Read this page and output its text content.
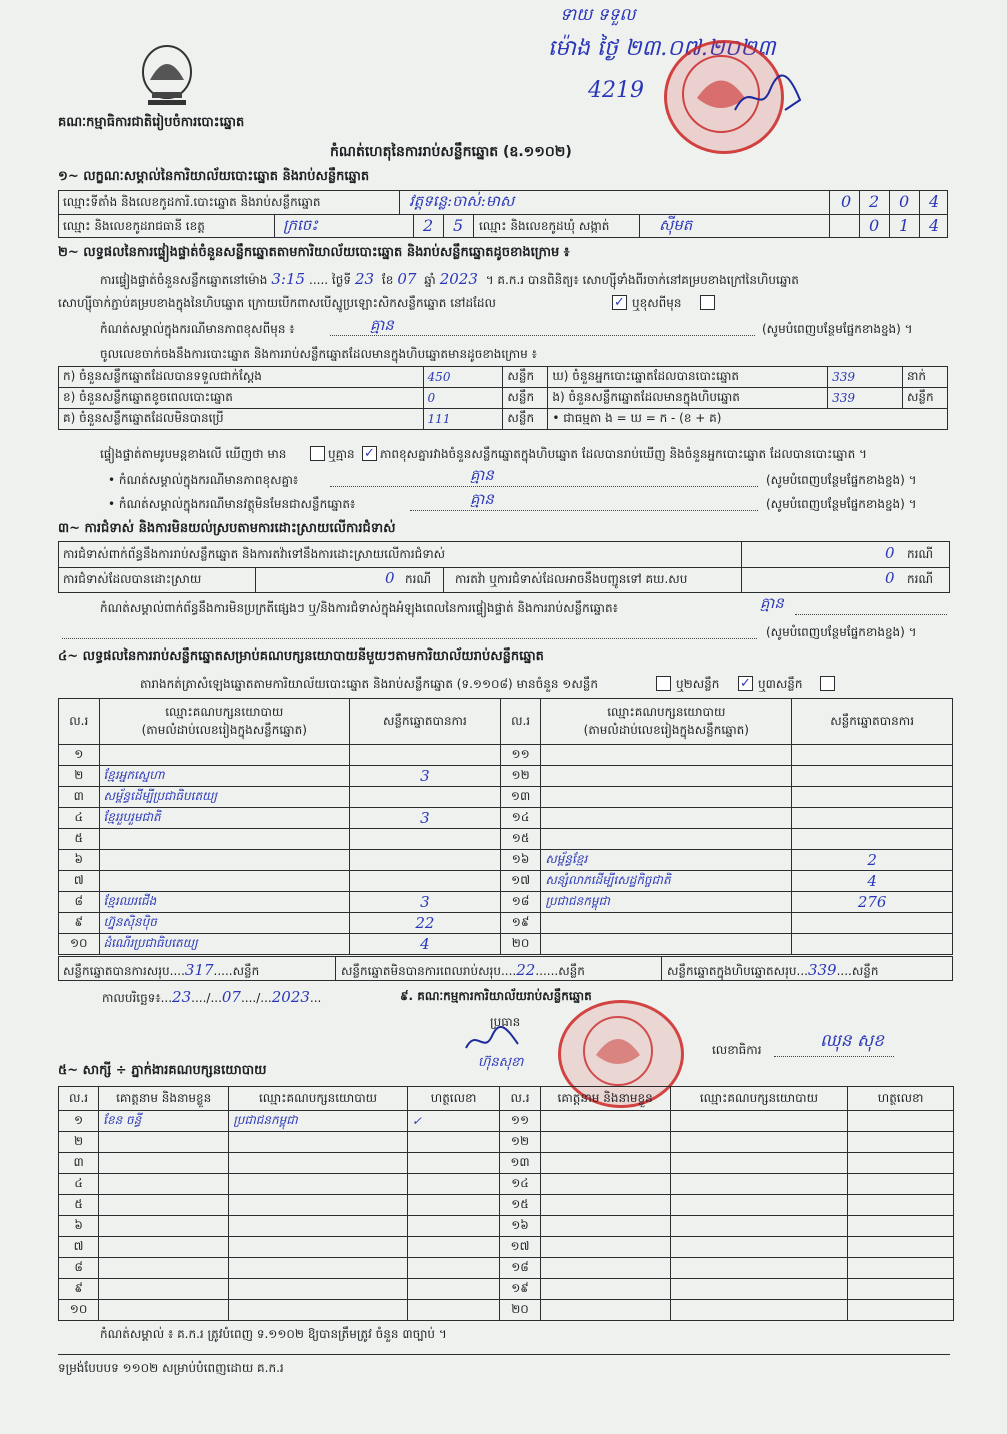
គណៈកម្មាធិការជាតិរៀបចំការបោះឆ្នោត
ទាយ ទទួល
ម៉ោង ថ្ងៃ ២៣.០៧.២០២៣
4219
កំណត់ហេតុនៃការរាប់សន្លឹកឆ្នោត (ឧ.១១០២)
១~ លក្ខណៈសម្គាល់នៃការិយាល័យបោះឆ្នោត និងរាប់សន្លឹកឆ្នោត
ឈ្មោះទីតាំង និងលេខកូដការិ.បោះឆ្នោត និងរាប់សន្លឹកឆ្នោត	វត្តទន្លេ:ចាស់:មាស	0 2 0 4
ឈ្មោះ និងលេខកូដរាជធានី ខេត្ត	ក្រចេះ	2 5 ឈ្មោះ និងលេខកូដឃុំ សង្កាត់	ស៊ីមត	0 1 4
២~ លទ្ធផលនៃការផ្ទៀងផ្ទាត់ចំនួនសន្លឹកឆ្នោតតាមការិយាល័យបោះឆ្នោត និងរាប់សន្លឹកឆ្នោតដូចខាងក្រោម ៖
ការផ្ទៀងផ្ទាត់ចំនួនសន្លឹកឆ្នោតនៅម៉ោង 3:15 ..... ថ្ងៃទី 23 ខែ 07 ឆ្នាំ 2023 ។ គ.ក.រ បានពិនិត្យ៖ សោហ្ស៊ីទាំងពីរចាក់នៅគម្របខាងក្រៅនៃហិបឆ្នោត
សោហ្ស៊ីចាក់ភ្ជាប់គម្របខាងក្នុងនៃហិបឆ្នោត ក្រោយបើកពាសបើស្នូប្រឡោះសិកសន្លឹកឆ្នោត នៅដដែល	✓ ឬខុសពីមុន
កំណត់សម្គាល់ក្នុងករណីមានភាពខុសពីមុន ៖	គ្មាន	(សូមបំពេញបន្ថែមផ្នែកខាងខ្នង) ។
ចូលលេខចាក់ចងនឹងការបោះឆ្នោត និងការរាប់សន្លឹកឆ្នោតដែលមានក្នុងហិបឆ្នោតមានដូចខាងក្រោម ៖
ក) ចំនួនសន្លឹកឆ្នោតដែលបានទទួលជាក់ស្តែង	450	សន្លឹក	ឃ) ចំនួនអ្នកបោះឆ្នោតដែលបានបោះឆ្នោត	339	នាក់
ខ) ចំនួនសន្លឹកឆ្នោតខូចពេលបោះឆ្នោត	0	សន្លឹក	ង) ចំនួនសន្លឹកឆ្នោតដែលមានក្នុងហិបឆ្នោត	339	សន្លឹក
គ) ចំនួនសន្លឹកឆ្នោតដែលមិនបានប្រើ	111	សន្លឹក	• ជាធម្មតា ង = ឃ = ក - (ខ + គ)		
ផ្ទៀងផ្ទាត់តាមរូបមន្តខាងលើ ឃើញថា មាន	ឬគ្មាន ✓ ភាពខុសគ្នារវាងចំនួនសន្លឹកឆ្នោតក្នុងហិបឆ្នោត ដែលបានរាប់ឃើញ និងចំនួនអ្នកបោះឆ្នោត ដែលបានបោះឆ្នោត ។
• កំណត់សម្គាល់ក្នុងករណីមានភាពខុសគ្នា៖	គ្មាន	(សូមបំពេញបន្ថែមផ្នែកខាងខ្នង) ។
• កំណត់សម្គាល់ក្នុងករណីមានវត្ថុមិនមែនជាសន្លឹកឆ្នោត៖	គ្មាន	(សូមបំពេញបន្ថែមផ្នែកខាងខ្នង) ។
៣~ ការជំទាស់ និងការមិនយល់ស្របតាមការដោះស្រាយលើការជំទាស់
ការជំទាស់ពាក់ព័ន្ធនឹងការរាប់សន្លឹកឆ្នោត និងការតវ៉ាទៅនឹងការដោះស្រាយលើការជំទាស់	0 ករណី
ការជំទាស់ដែលបានដោះស្រាយ	0 ករណី ការតវ៉ា ឬការជំទាស់ដែលអាចនឹងបញ្ជូនទៅ គឃ.សប	0 ករណី
កំណត់សម្គាល់ពាក់ព័ន្ធនឹងការមិនប្រក្រតីផ្សេងៗ ឬ/និងការជំទាស់ក្នុងអំឡុងពេលនៃការផ្ទៀងផ្ទាត់ និងការរាប់សន្លឹកឆ្នោត៖	គ្មាន
(សូមបំពេញបន្ថែមផ្នែកខាងខ្នង) ។
៤~ លទ្ធផលនៃការរាប់សន្លឹកឆ្នោតសម្រាប់គណបក្សនយោបាយនីមួយៗតាមការិយាល័យរាប់សន្លឹកឆ្នោត
តារាងកត់ត្រាសំឡេងឆ្នោតតាមការិយាល័យបោះឆ្នោត និងរាប់សន្លឹកឆ្នោត (ទ.១១០៨) មានចំនួន ១សន្លឹក	ឬ២សន្លឹក ✓ ឬ៣សន្លឹក
ល.រ	ឈ្មោះគណបក្សនយោបាយ
(តាមលំដាប់លេខរៀងក្នុងសន្លឹកឆ្នោត)	សន្លឹកឆ្នោតបានការ	ល.រ	ឈ្មោះគណបក្សនយោបាយ
(តាមលំដាប់លេខរៀងក្នុងសន្លឹកឆ្នោត)	សន្លឹកឆ្នោតបានការ
១			១១		
២	ខ្មែរអ្នកស្នេហា	3	១២		
៣	សម្ព័ន្ធដើម្បីប្រជាធិបតេយ្យ		១៣		
៤	ខ្មែររួបរួមជាតិ	3	១៤		
៥			១៥		
៦			១៦	សម្ព័ន្ធខ្មែរ	2
៧			១៧	សន្សំលាភដើម្បីសេដ្ឋកិច្ចជាតិ	4
៨	ខ្មែរឈរជើង	3	១៨	ប្រជាជនកម្ពុជា	276
៩	ហ្វ៊ុនស៊ិនប៉ិច	22	១៩		
១០	ដំណើរប្រជាធិបតេយ្យ	4	២០		
សន្លឹកឆ្នោតបានការសរុប....317.....សន្លឹក	សន្លឹកឆ្នោតមិនបានការពេលរាប់សរុប....22......សន្លឹក	សន្លឹកឆ្នោតក្នុងហិបឆ្នោតសរុប...339....សន្លឹក
កាលបរិច្ឆេទ៖...23..../...07..../...2023...	៩. គណៈកម្មការការិយាល័យរាប់សន្លឹកឆ្នោត
ប្រធាន
ហ៊ុនសុខា
លេខាធិការ	ឈុន សុខ
៥~ សាក្សី ÷ ភ្នាក់ងារគណបក្សនយោបាយ
ល.រ	គោត្តនាម និងនាមខ្លួន	ឈ្មោះគណបក្សនយោបាយ	ហត្ថលេខា	ល.រ	គោត្តនាម និងនាមខ្លួន	ឈ្មោះគណបក្សនយោបាយ	ហត្ថលេខា
១	ខែន ចន្ធី	ប្រជាជនកម្ពុជា	✓	១១			
២				១២			
៣				១៣			
៤				១៤			
៥				១៥			
៦				១៦			
៧				១៧			
៨				១៨			
៩				១៩			
១០				២០			
កំណត់សម្គាល់ ៖ គ.ក.រ ត្រូវបំពេញ ទ.១១០២ ឱ្យបានត្រឹមត្រូវ ចំនួន ៣ច្បាប់ ។
ទម្រង់បែបបទ ១១០២ សម្រាប់បំពេញដោយ គ.ក.រ
